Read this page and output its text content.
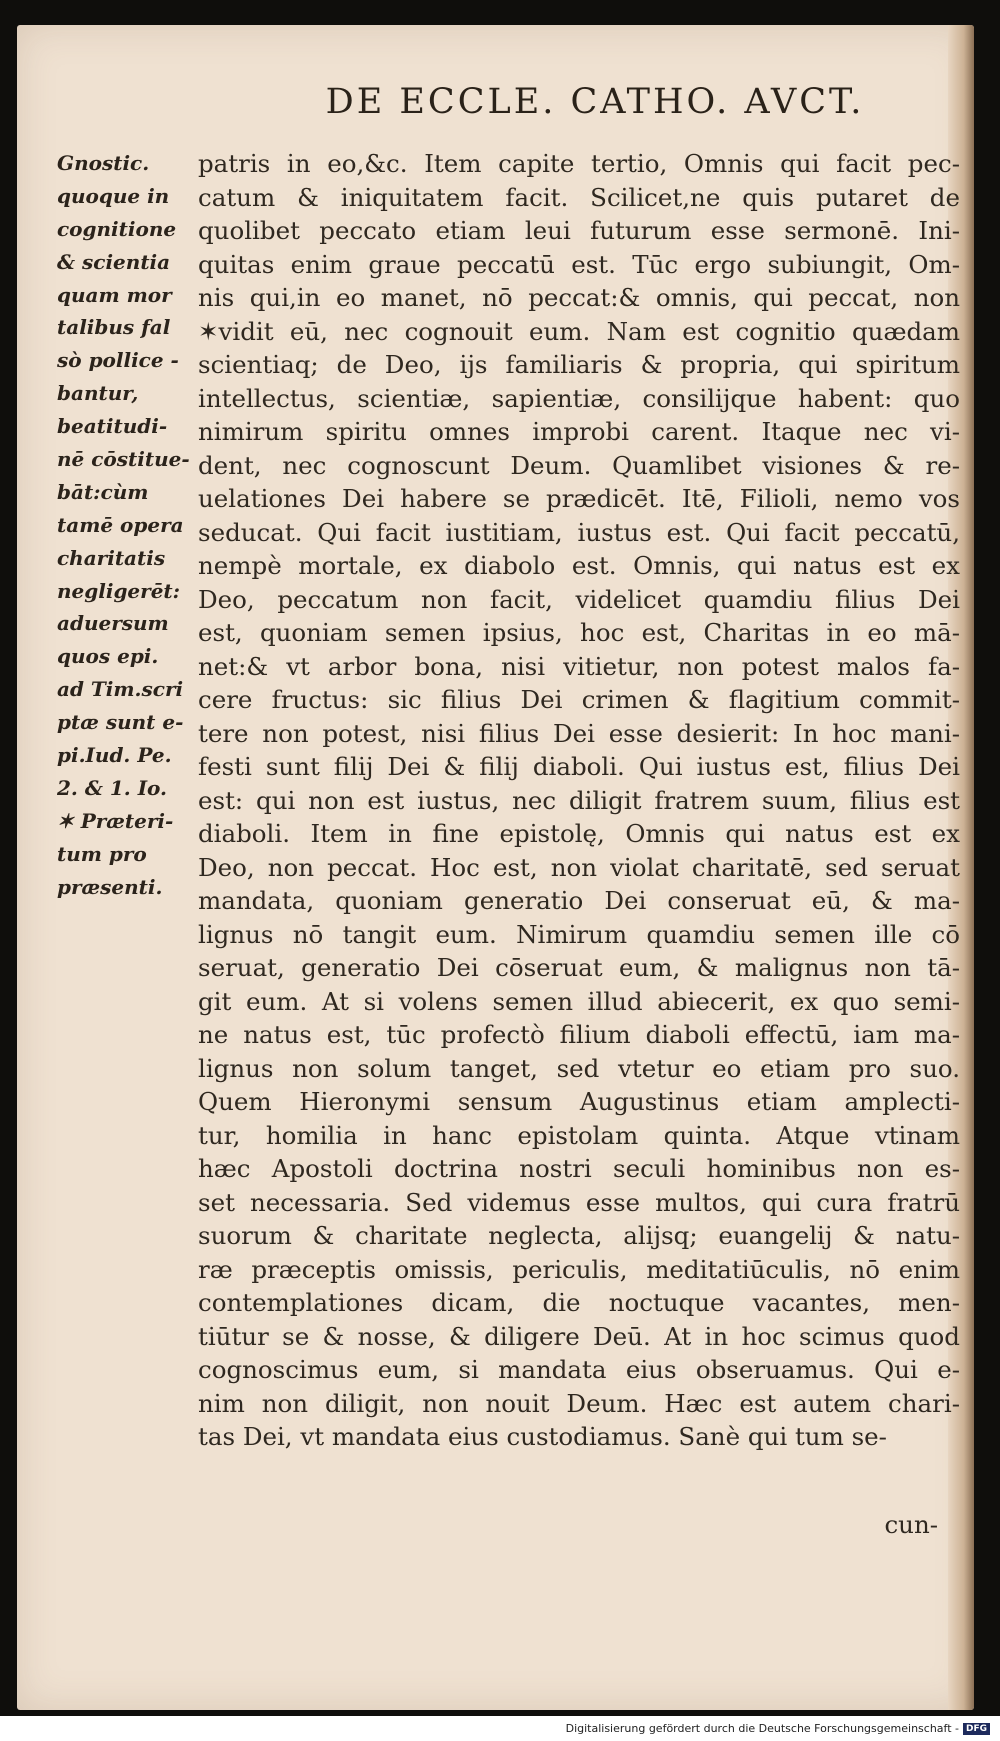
DE ECCLE. CATHO. AVCT.
Gnostic.
quoque in
cognitione
& scientia
quam mor
talibus fal
sò pollice -
bantur,
beatitudi-
nē cōstitue-
bāt:cùm
tamē opera
charitatis
negligerēt:
aduersum
quos epi.
ad Tim.scri
ptæ sunt e-
pi.Iud. Pe.
2. & 1. Io.
✶ Præteri-
tum pro
præsenti.
patris in eo,&c. Item capite tertio, Omnis qui facit pec-
catum & iniquitatem facit. Scilicet,ne quis putaret de
quolibet peccato etiam leui futurum esse sermonē. Ini-
quitas enim graue peccatū est. Tūc ergo subiungit, Om-
nis qui,in eo manet, nō peccat:& omnis, qui peccat, non
✶vidit eū, nec cognouit eum. Nam est cognitio quædam
scientiaq; de Deo, ijs familiaris & propria, qui spiritum
intellectus, scientiæ, sapientiæ, consilijque habent: quo
nimirum spiritu omnes improbi carent. Itaque nec vi-
dent, nec cognoscunt Deum. Quamlibet visiones & re-
uelationes Dei habere se prædicēt. Itē, Filioli, nemo vos
seducat. Qui facit iustitiam, iustus est. Qui facit peccatū,
nempè mortale, ex diabolo est. Omnis, qui natus est ex
Deo, peccatum non facit, videlicet quamdiu filius Dei
est, quoniam semen ipsius, hoc est, Charitas in eo mā-
net:& vt arbor bona, nisi vitietur, non potest malos fa-
cere fructus: sic filius Dei crimen & flagitium commit-
tere non potest, nisi filius Dei esse desierit: In hoc mani-
festi sunt filij Dei & filij diaboli. Qui iustus est, filius Dei
est: qui non est iustus, nec diligit fratrem suum, filius est
diaboli. Item in fine epistolę, Omnis qui natus est ex
Deo, non peccat. Hoc est, non violat charitatē, sed seruat
mandata, quoniam generatio Dei conseruat eū, & ma-
lignus nō tangit eum. Nimirum quamdiu semen ille cō
seruat, generatio Dei cōseruat eum, & malignus non tā-
git eum. At si volens semen illud abiecerit, ex quo semi-
ne natus est, tūc profectò filium diaboli effectū, iam ma-
lignus non solum tanget, sed vtetur eo etiam pro suo.
Quem Hieronymi sensum Augustinus etiam amplecti-
tur, homilia in hanc epistolam quinta. Atque vtinam
hæc Apostoli doctrina nostri seculi hominibus non es-
set necessaria. Sed videmus esse multos, qui cura fratrū
suorum & charitate neglecta, alijsq; euangelij & natu-
ræ præceptis omissis, periculis, meditatiūculis, nō enim
contemplationes dicam, die noctuque vacantes, men-
tiūtur se & nosse, & diligere Deū. At in hoc scimus quod
cognoscimus eum, si mandata eius obseruamus. Qui e-
nim non diligit, non nouit Deum. Hæc est autem chari-
tas Dei, vt mandata eius custodiamus. Sanè qui tum se-
cun-
Digitalisierung gefördert durch die Deutsche Forschungsgemeinschaft - DFG
